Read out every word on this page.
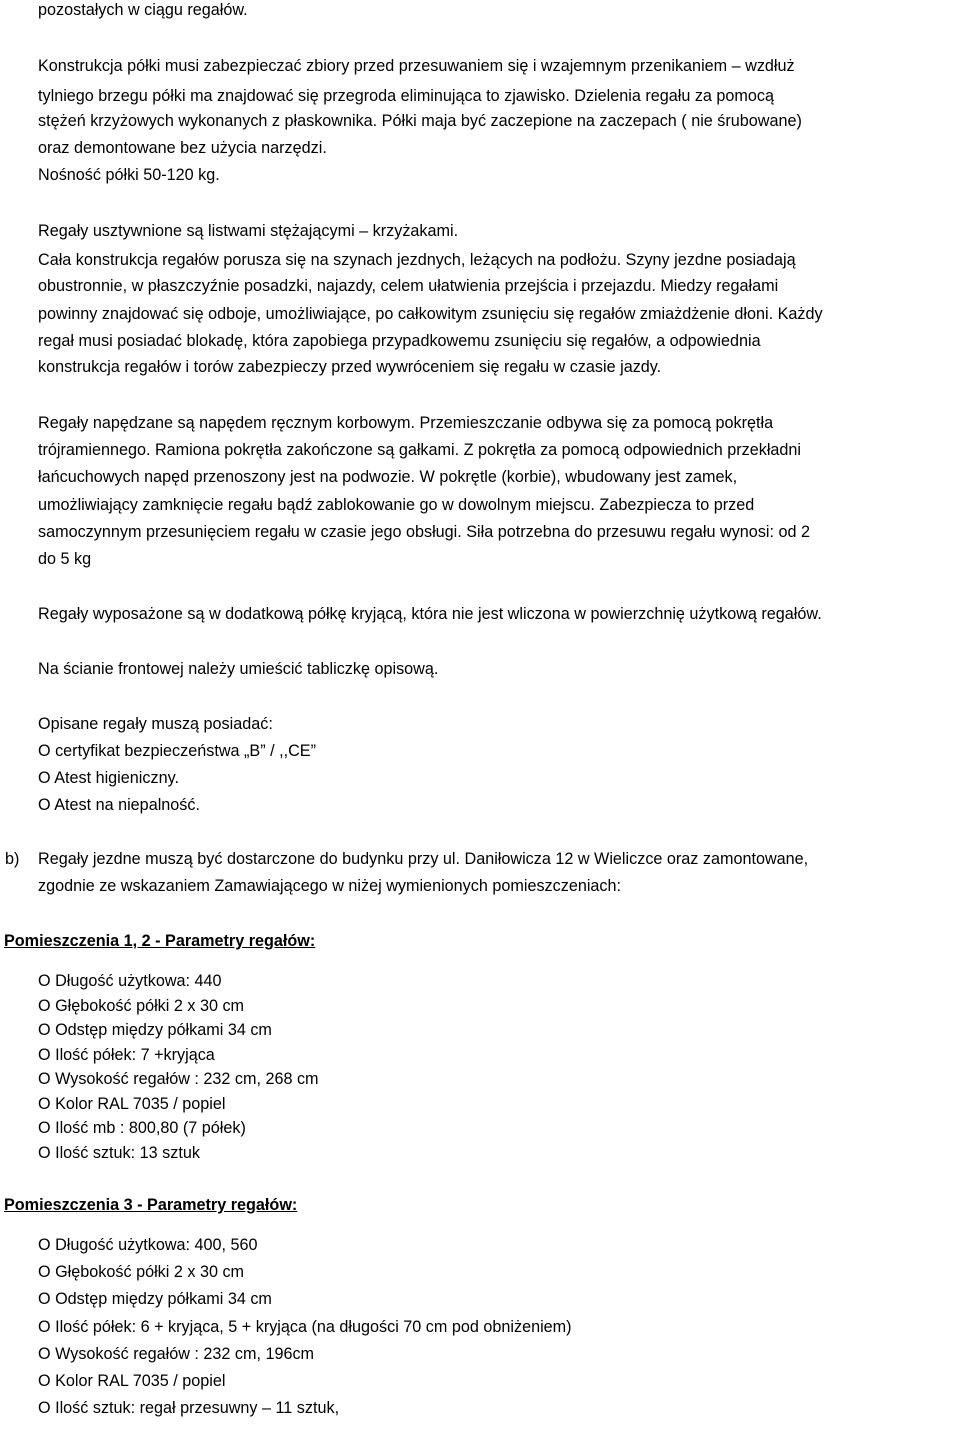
pozostałych w ciągu regałów.
Konstrukcja półki musi zabezpieczać zbiory przed przesuwaniem się i wzajemnym przenikaniem – wzdłuż
tylniego brzegu półki ma znajdować się przegroda eliminująca to zjawisko. Dzielenia regału za pomocą
stężeń krzyżowych wykonanych z płaskownika. Półki maja być zaczepione na zaczepach ( nie śrubowane)
oraz demontowane bez użycia narzędzi.
Nośność półki 50-120 kg.
Regały usztywnione są listwami stężającymi – krzyżakami.
Cała konstrukcja regałów porusza się na szynach jezdnych, leżących na podłożu. Szyny jezdne posiadają
obustronnie, w płaszczyźnie posadzki, najazdy, celem ułatwienia przejścia i przejazdu. Miedzy regałami
powinny znajdować się odboje, umożliwiające, po całkowitym zsunięciu się regałów zmiażdżenie dłoni. Każdy
regał musi posiadać blokadę, która zapobiega przypadkowemu zsunięciu się regałów, a odpowiednia
konstrukcja regałów i torów zabezpieczy przed wywróceniem się regału w czasie jazdy.
Regały napędzane są napędem ręcznym korbowym. Przemieszczanie odbywa się za pomocą pokrętła
trójramiennego. Ramiona pokrętła zakończone są gałkami. Z pokrętła za pomocą odpowiednich przekładni
łańcuchowych napęd przenoszony jest na podwozie. W pokrętle (korbie), wbudowany jest zamek,
umożliwiający zamknięcie regału bądź zablokowanie go w dowolnym miejscu. Zabezpiecza to przed
samoczynnym przesunięciem regału w czasie jego obsługi. Siła potrzebna do przesuwu regału wynosi: od 2
do 5 kg
Regały wyposażone są w dodatkową półkę kryjącą, która nie jest wliczona w powierzchnię użytkową regałów.
Na ścianie frontowej należy umieścić tabliczkę opisową.
Opisane regały muszą posiadać:
O certyfikat bezpieczeństwa „B” / ,,CE”
O Atest higieniczny.
O Atest na niepalność.
b) Regały jezdne muszą być dostarczone do budynku przy ul. Daniłowicza 12 w Wieliczce oraz zamontowane,
zgodnie ze wskazaniem Zamawiającego w niżej wymienionych pomieszczeniach:
Pomieszczenia 1, 2 - Parametry regałów:
O Długość użytkowa: 440
O Głębokość półki 2 x 30 cm
O Odstęp między półkami 34 cm
O Ilość półek: 7 +kryjąca
O Wysokość regałów : 232 cm, 268 cm
O Kolor RAL 7035 / popiel
O Ilość mb : 800,80 (7 półek)
O Ilość sztuk: 13 sztuk
Pomieszczenia 3 - Parametry regałów:
O Długość użytkowa: 400, 560
O Głębokość półki 2 x 30 cm
O Odstęp między półkami 34 cm
O Ilość półek: 6 + kryjąca, 5 + kryjąca (na długości 70 cm pod obniżeniem)
O Wysokość regałów : 232 cm, 196cm
O Kolor RAL 7035 / popiel
O Ilość sztuk: regał przesuwny – 11 sztuk,
